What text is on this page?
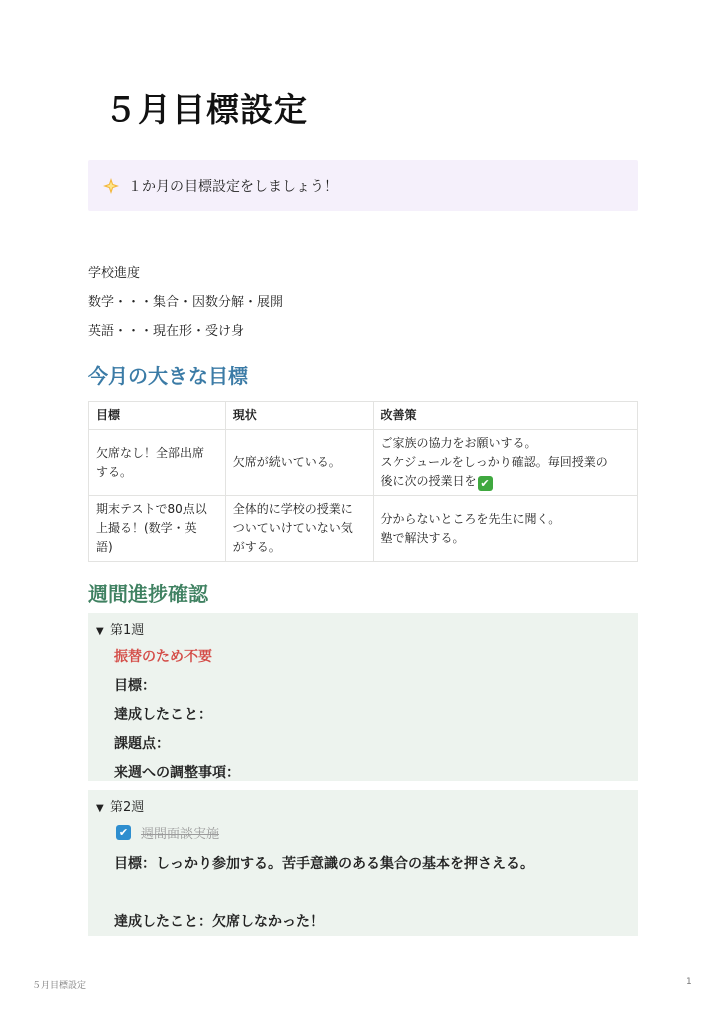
５月目標設定
１か月の目標設定をしましょう！

学校進度

数学・・・集合・因数分解・展開

英語・・・現在形・受け身

今月の大きな目標
目標	現状	改善策
欠席なし！全部出席
する。	欠席が続いている。	ご家族の協力をお願いする。
スケジュールをしっかり確認。毎回授業の
後に次の授業日を ✔
期末テストで80点以
上撮る！(数学・英
語)	全体的に学校の授業に
ついていけていない気
がする。	分からないところを先生に聞く。
塾で解決する。
週間進捗確認
▼ 第1週
振替のため不要
目標：
達成したこと：
課題点：
来週への調整事項：
▼ 第2週
✔ 週間面談実施
目標：しっかり参加する。苦手意識のある集合の基本を押さえる。
達成したこと：欠席しなかった！
５月目標設定	1
